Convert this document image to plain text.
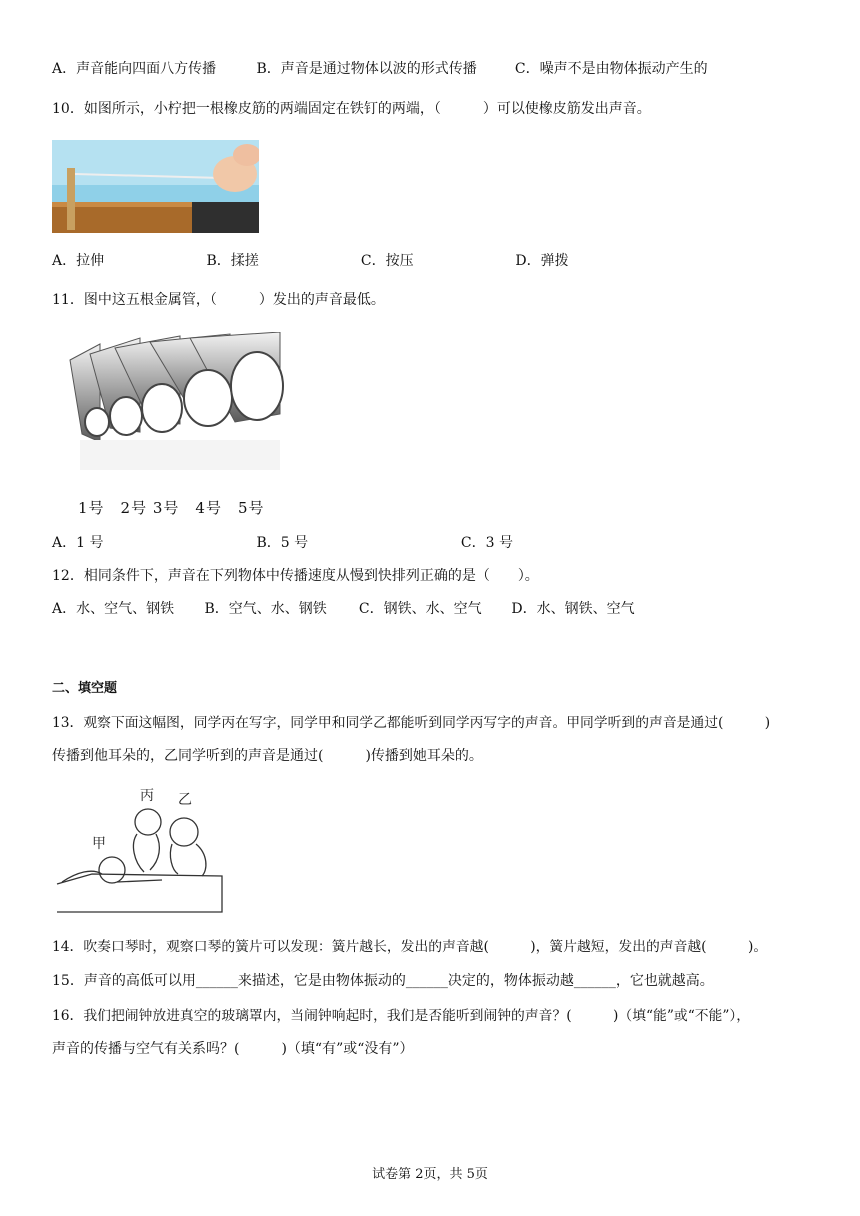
A．声音能向四面八方传播	B．声音是通过物体以波的形式传播	C．噪声不是由物体振动产生的
10．如图所示，小柠把一根橡皮筋的两端固定在铁钉的两端，（　　　）可以使橡皮筋发出声音。
A．拉伸	B．揉搓	C．按压	D．弹拨
11．图中这五根金属管，（　　　）发出的声音最低。
1号　2号 3号　4号　5号
A．1 号	B．5 号	C．3 号
12．相同条件下，声音在下列物体中传播速度从慢到快排列正确的是（　　）。
A．水、空气、钢铁 B．空气、水、钢铁 C．钢铁、水、空气 D．水、钢铁、空气
二、填空题
13．观察下面这幅图，同学丙在写字，同学甲和同学乙都能听到同学丙写字的声音。甲同学听到的声音是通过(　　　)
传播到他耳朵的，乙同学听到的声音是通过(　　　)传播到她耳朵的。
丙 乙
甲
14．吹奏口琴时，观察口琴的簧片可以发现：簧片越长，发出的声音越(　　　)，簧片越短，发出的声音越(　　　)。
15．声音的高低可以用______来描述，它是由物体振动的______决定的，物体振动越______，它也就越高。
16．我们把闹钟放进真空的玻璃罩内，当闹钟响起时，我们是否能听到闹钟的声音？(　　　)（填“能”或“不能”），
声音的传播与空气有关系吗？(　　　)（填“有”或“没有”）
试卷第 2页，共 5页
